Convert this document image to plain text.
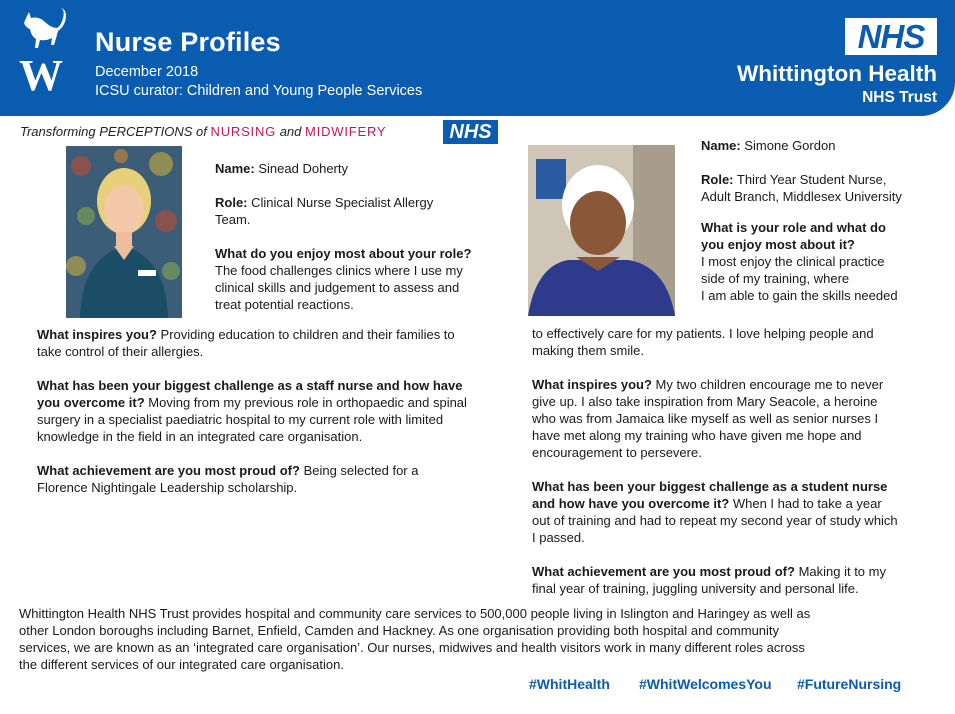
W
Nurse Profiles
December 2018
ICSU curator: Children and Young People Services
NHS
Whittington Health
NHS Trust
Transforming PERCEPTIONS of NURSING and MIDWIFERY	NHS

Name: Sinead Doherty

Role: Clinical Nurse Specialist Allergy

Team.

What do you enjoy most about your role?

The food challenges clinics where I use my

clinical skills and judgement to assess and

treat potential reactions.

What inspires you? Providing education to children and their families to

take control of their allergies.

What has been your biggest challenge as a staff nurse and how have

you overcome it? Moving from my previous role in orthopaedic and spinal

surgery in a specialist paediatric hospital to my current role with limited

knowledge in the field in an integrated care organisation.

What achievement are you most proud of? Being selected for a

Florence Nightingale Leadership scholarship.

Name: Simone Gordon

Role: Third Year Student Nurse,

Adult Branch, Middlesex University

What is your role and what do

you enjoy most about it?

I most enjoy the clinical practice

side of my training, where

I am able to gain the skills needed

to effectively care for my patients. I love helping people and

making them smile.

What inspires you? My two children encourage me to never

give up. I also take inspiration from Mary Seacole, a heroine

who was from Jamaica like myself as well as senior nurses I

have met along my training who have given me hope and

encouragement to persevere.

What has been your biggest challenge as a student nurse

and how have you overcome it? When I had to take a year

out of training and had to repeat my second year of study which

I passed.

What achievement are you most proud of? Making it to my

final year of training, juggling university and personal life.

Whittington Health NHS Trust provides hospital and community care services to 500,000 people living in Islington and Haringey as well as

other London boroughs including Barnet, Enfield, Camden and Hackney. As one organisation providing both hospital and community

services, we are known as an ‘integrated care organisation’. Our nurses, midwives and health visitors work in many different roles across

the different services of our integrated care organisation.

#WhitHealth #WhitWelcomesYou #FutureNursing
